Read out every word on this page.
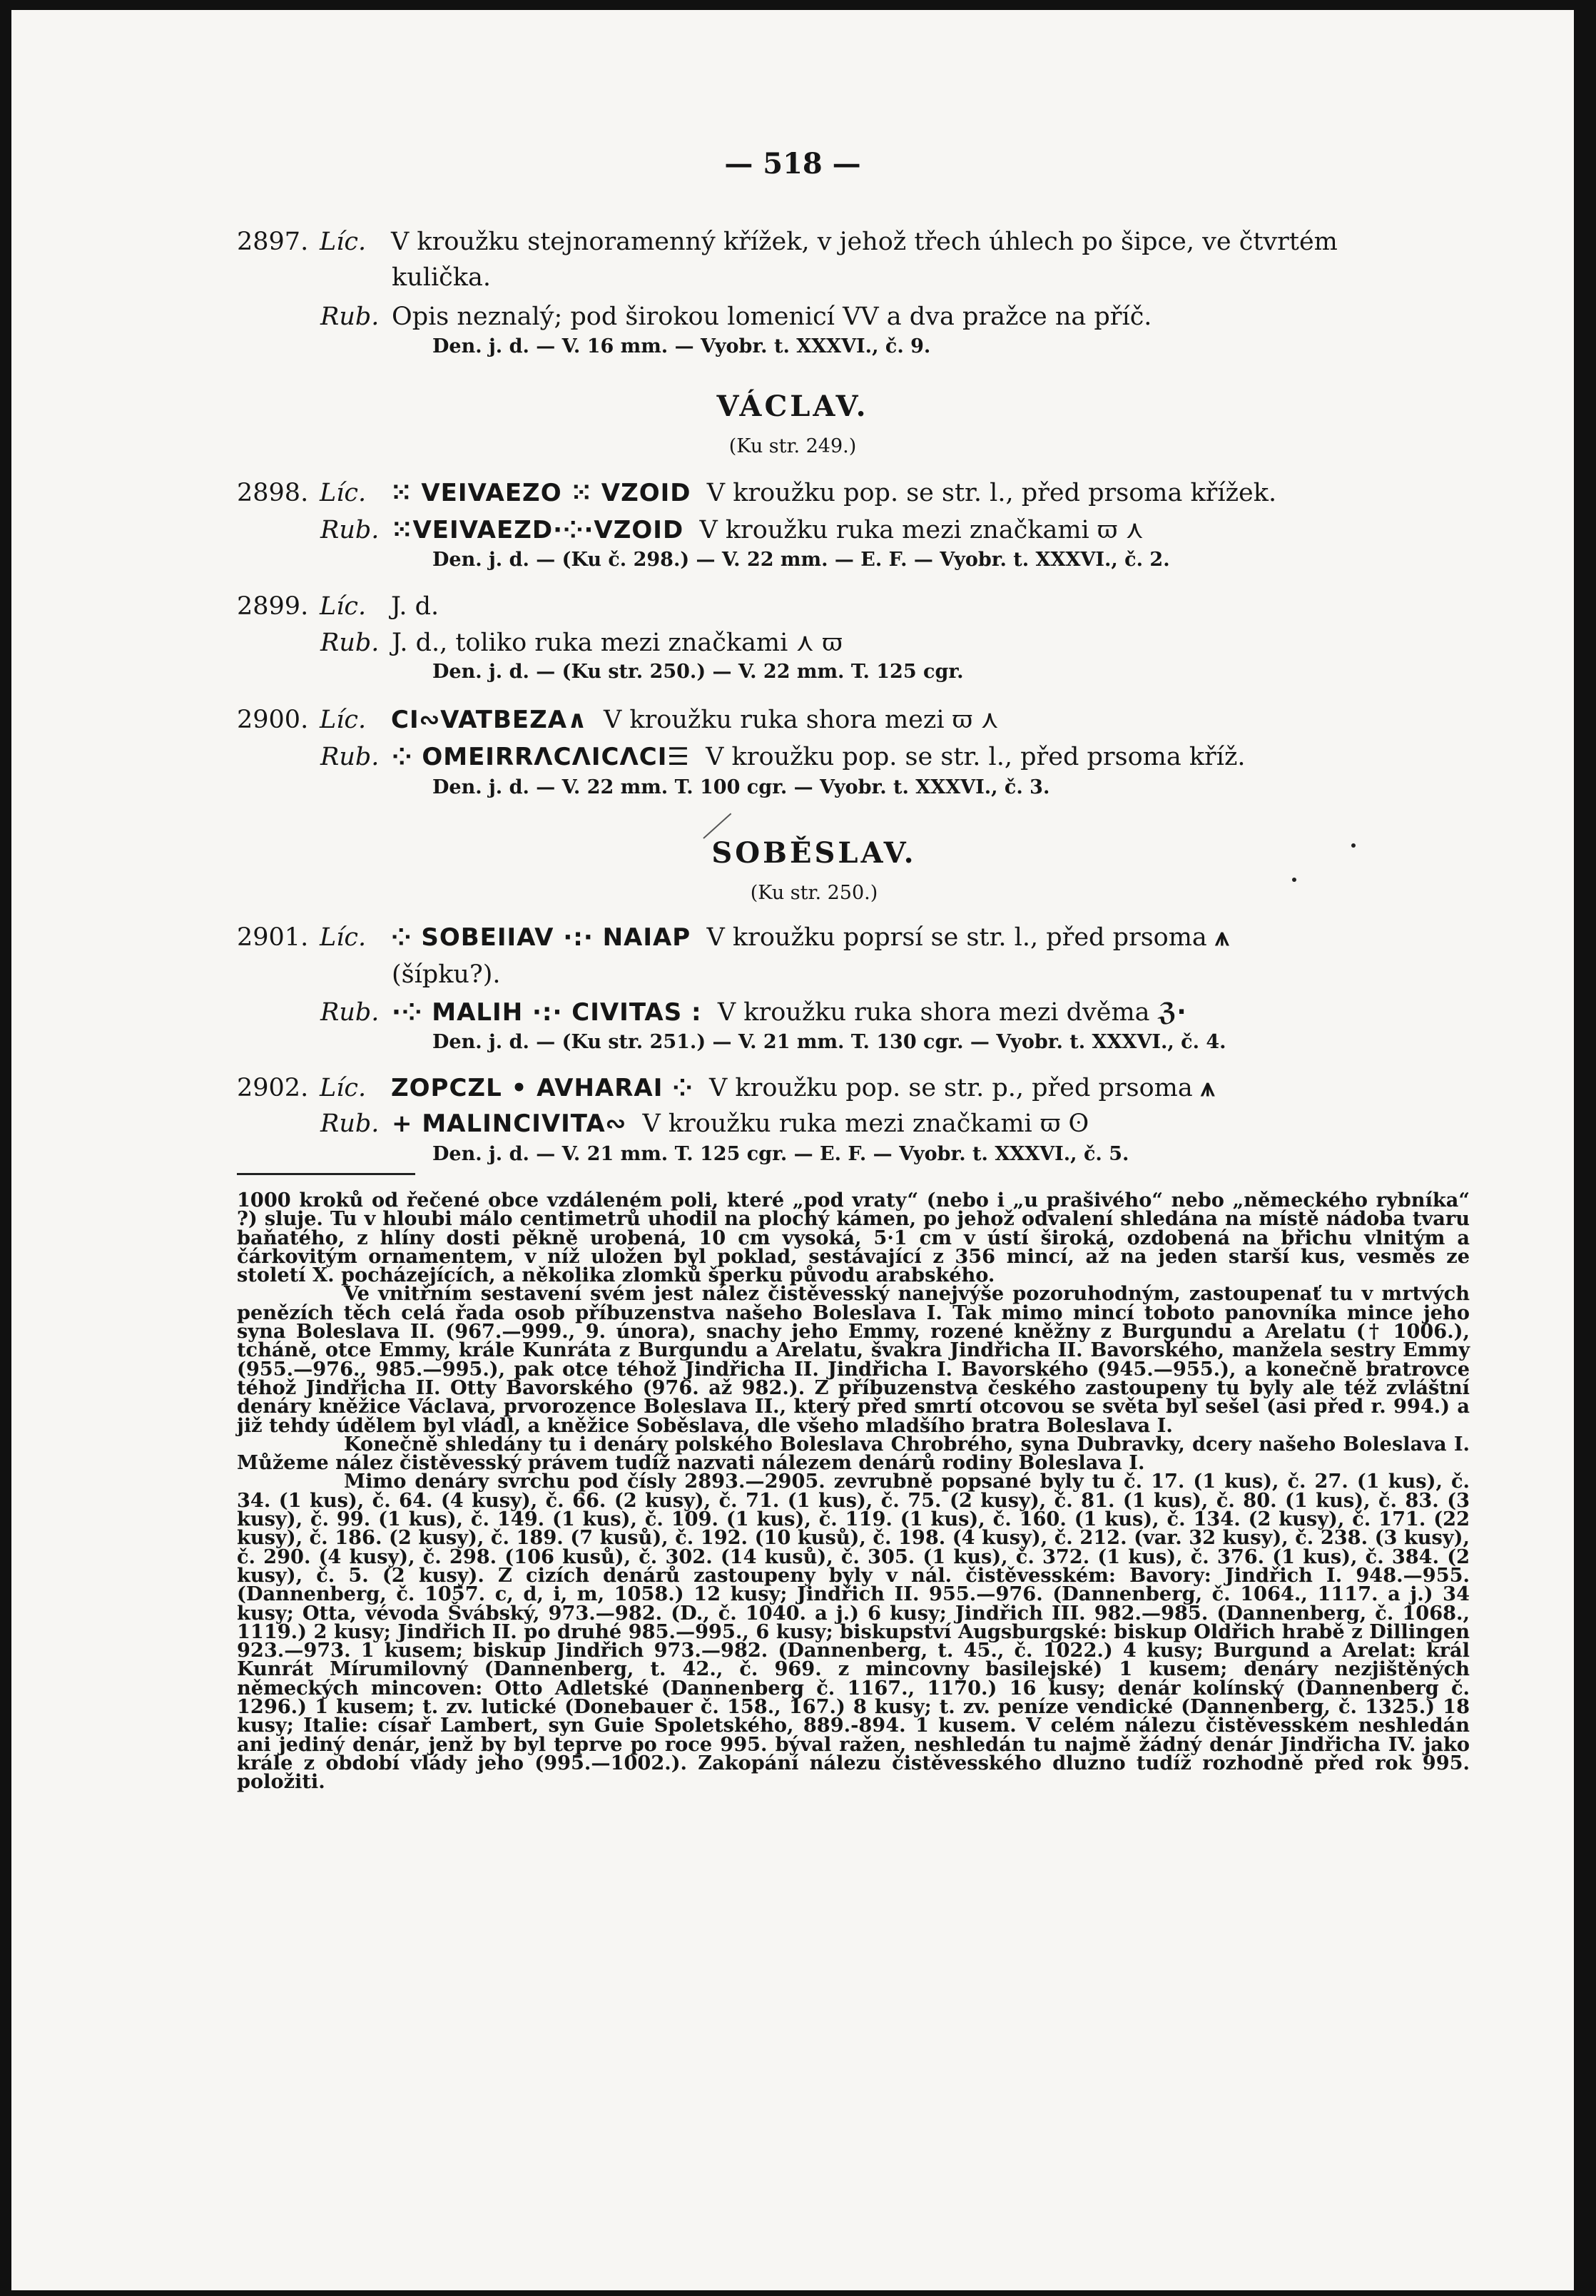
— 518 —
2897. Líc. V kroužku stejnoramenný křížek, v jehož třech úhlech po šipce, ve čtvrtém
kulička.
Rub. Opis neznalý; pod širokou lomenicí VV a dva pražce na příč.
Den. j. d. — V. 16 mm. — Vyobr. t. XXXVI., č. 9.
VÁCLAV.
(Ku str. 249.)
2898. Líc. ⁙ VEIVAEZO ⁙ VZOID V kroužku pop. se str. l., před prsoma křížek.
Rub. ⁙VEIVAEZD·⁘·VZOID V kroužku ruka mezi značkami ϖ ⋏
Den. j. d. — (Ku č. 298.) — V. 22 mm. — E. F. — Vyobr. t. XXXVI., č. 2.
2899. Líc. J. d.
Rub. J. d., toliko ruka mezi značkami ⋏ ϖ
Den. j. d. — (Ku str. 250.) — V. 22 mm. T. 125 cgr.
2900. Líc. CI∾VATBEZA∧ V kroužku ruka shora mezi ϖ ⋏
Rub. ⁘ OMEIRRΛCΛICΛCI☰ V kroužku pop. se str. l., před prsoma kříž.
Den. j. d. — V. 22 mm. T. 100 cgr. — Vyobr. t. XXXVI., č. 3.
SOBĚSLAV.
(Ku str. 250.)
2901. Líc. ⁘ SOBEIIAV ·:· NAIAP V kroužku poprsí se str. l., před prsoma ⩚
(šípku?).
Rub. ·⁘ MALIH ·:· CIVITAS : V kroužku ruka shora mezi dvěma ℨ·
Den. j. d. — (Ku str. 251.) — V. 21 mm. T. 130 cgr. — Vyobr. t. XXXVI., č. 4.
2902. Líc. ZOPCZL • AVHARAI ⁘ V kroužku pop. se str. p., před prsoma ⩚
Rub. + MALINCIVITA∾ V kroužku ruka mezi značkami ϖ ʘ
Den. j. d. — V. 21 mm. T. 125 cgr. — E. F. — Vyobr. t. XXXVI., č. 5.

1000 kroků od řečené obce vzdáleném poli, které „pod vraty“ (nebo i „u prašivého“ nebo „německého rybníka“ ?) sluje. Tu v hloubi málo centimetrů uhodil na plochý kámen, po jehož odvalení shledána na místě nádoba tvaru baňatého, z hlíny dosti pěkně urobená, 10 cm vysoká, 5·1 cm v ústí široká, ozdobená na břichu vlnitým a čárkovitým ornamentem, v níž uložen byl poklad, sestávající z 356 mincí, až na jeden starší kus, vesměs ze století X. pocházejících, a několika zlomků šperku původu arabského.

Ve vnitřním sestavení svém jest nález čistěvesský nanejvýše pozoruhodným, zastoupenať tu v mrtvých penězích těch celá řada osob příbuzenstva našeho Boleslava I. Tak mimo mincí toboto panovníka mince jeho syna Boleslava II. (967.—999., 9. února), snachy jeho Emmy, rozené kněžny z Burgundu a Arelatu († 1006.), tcháně, otce Emmy, krále Kunráta z Burgundu a Arelatu, švakra Jindřicha II. Bavorského, manžela sestry Emmy (955.—976., 985.—995.), pak otce téhož Jindřicha II. Jindřicha I. Bavorského (945.—955.), a konečně bratrovce téhož Jindřicha II. Otty Bavorského (976. až 982.). Z příbuzenstva českého zastoupeny tu byly ale též zvláštní denáry kněžice Václava, prvorozence Boleslava II., který před smrtí otcovou se světa byl sešel (asi před r. 994.) a již tehdy údělem byl vládl, a kněžice Soběslava, dle všeho mladšího bratra Boleslava I.

Konečně shledány tu i denáry polského Boleslava Chrobrého, syna Dubravky, dcery našeho Boleslava I. Můžeme nález čistěvesský právem tudíž nazvati nálezem denárů rodiny Boleslava I.

Mimo denáry svrchu pod čísly 2893.—2905. zevrubně popsané byly tu č. 17. (1 kus), č. 27. (1 kus), č. 34. (1 kus), č. 64. (4 kusy), č. 66. (2 kusy), č. 71. (1 kus), č. 75. (2 kusy), č. 81. (1 kus), č. 80. (1 kus), č. 83. (3 kusy), č. 99. (1 kus), č. 149. (1 kus), č. 109. (1 kus), č. 119. (1 kus), č. 160. (1 kus), č. 134. (2 kusy), č. 171. (22 kusy), č. 186. (2 kusy), č. 189. (7 kusů), č. 192. (10 kusů), č. 198. (4 kusy), č. 212. (var. 32 kusy), č. 238. (3 kusy), č. 290. (4 kusy), č. 298. (106 kusů), č. 302. (14 kusů), č. 305. (1 kus), č. 372. (1 kus), č. 376. (1 kus), č. 384. (2 kusy), č. 5. (2 kusy). Z cizích denárů zastoupeny byly v nál. čistěvesském: Bavory: Jindřich I. 948.—955. (Dannenberg, č. 1057. c, d, i, m, 1058.) 12 kusy; Jindřich II. 955.—976. (Dannenberg, č. 1064., 1117. a j.) 34 kusy; Otta, vévoda Švábský, 973.—982. (D., č. 1040. a j.) 6 kusy; Jindřich III. 982.—985. (Dannenberg, č. 1068., 1119.) 2 kusy; Jindřich II. po druhé 985.—995., 6 kusy; biskupství Augsburgské: biskup Oldřich hrabě z Dillingen 923.—973. 1 kusem; biskup Jindřich 973.—982. (Dannenberg, t. 45., č. 1022.) 4 kusy; Burgund a Arelat: král Kunrát Mírumilovný (Dannenberg, t. 42., č. 969. z mincovny basilejské) 1 kusem; denáry nezjištěných německých mincoven: Otto Adletské (Dannenberg č. 1167., 1170.) 16 kusy; denár kolínský (Dannenberg č. 1296.) 1 kusem; t. zv. lutické (Donebauer č. 158., 167.) 8 kusy; t. zv. peníze vendické (Dannenberg, č. 1325.) 18 kusy; Italie: císař Lambert, syn Guie Spoletského, 889.-894. 1 kusem. V celém nálezu čistěvesském neshledán ani jediný denár, jenž by byl teprve po roce 995. býval ražen, neshledán tu najmě žádný denár Jindřicha IV. jako krále z období vlády jeho (995.—1002.). Zakopání nálezu čistěvesského dluzno tudíž rozhodně před rok 995. položiti.
